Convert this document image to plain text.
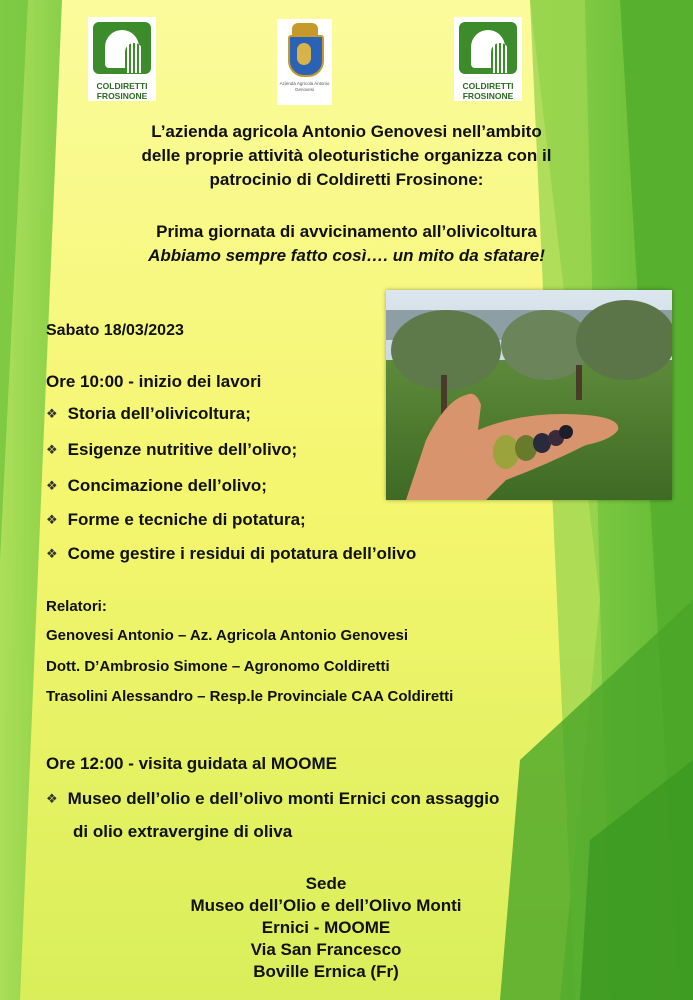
COLDIRETTI FROSINONE
Azienda Agricola Antonio Genovesi	COLDIRETTI FROSINONE
L’azienda agricola Antonio Genovesi nell’ambito
delle proprie attività oleoturistiche organizza con il
patrocinio di Coldiretti Frosinone:
Prima giornata di avvicinamento all’olivicoltura
Abbiamo sempre fatto così…. un mito da sfatare!
Sabato 18/03/2023
Ore 10:00 - inizio dei lavori
❖ Storia dell’olivicoltura;
❖ Esigenze nutritive dell’olivo;
❖ Concimazione dell’olivo;
❖ Forme e tecniche di potatura;
❖ Come gestire i residui di potatura dell’olivo
Relatori:
Genovesi Antonio – Az. Agricola Antonio Genovesi
Dott. D’Ambrosio Simone – Agronomo Coldiretti
Trasolini Alessandro – Resp.le Provinciale CAA Coldiretti
Ore 12:00 - visita guidata al MOOME
❖ Museo dell’olio e dell’olivo monti Ernici con assaggio
di olio extravergine di oliva
Sede
Museo dell’Olio e dell’Olivo Monti
Ernici - MOOME
Via San Francesco
Boville Ernica (Fr)
